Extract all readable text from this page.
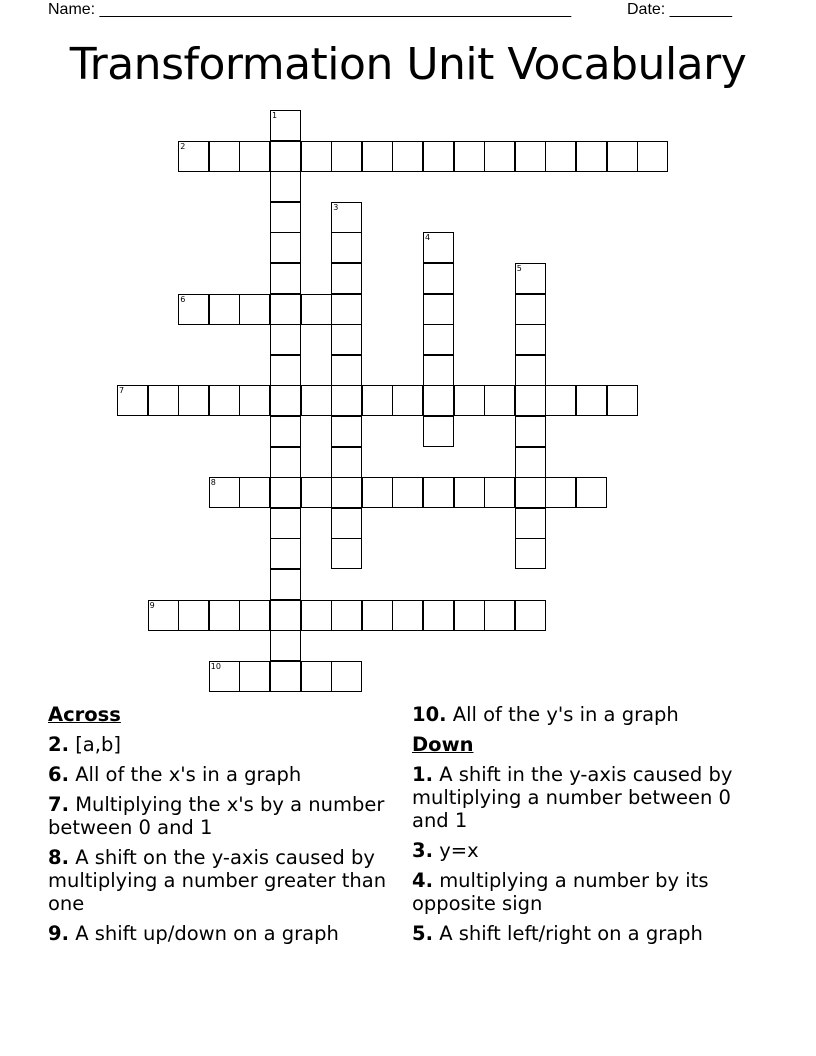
Name: _____________________________________________________	Date: _______
Transformation Unit Vocabulary
1
2
3
4
5
6
7
8
9
10
Across
2. [a,b]
6. All of the x's in a graph
7. Multiplying the x's by a number between 0 and 1
8. A shift on the y-axis caused by multiplying a number greater than one
9. A shift up/down on a graph
10. All of the y's in a graph
Down
1. A shift in the y-axis caused by multiplying a number between 0 and 1
3. y=x
4. multiplying a number by its opposite sign
5. A shift left/right on a graph
